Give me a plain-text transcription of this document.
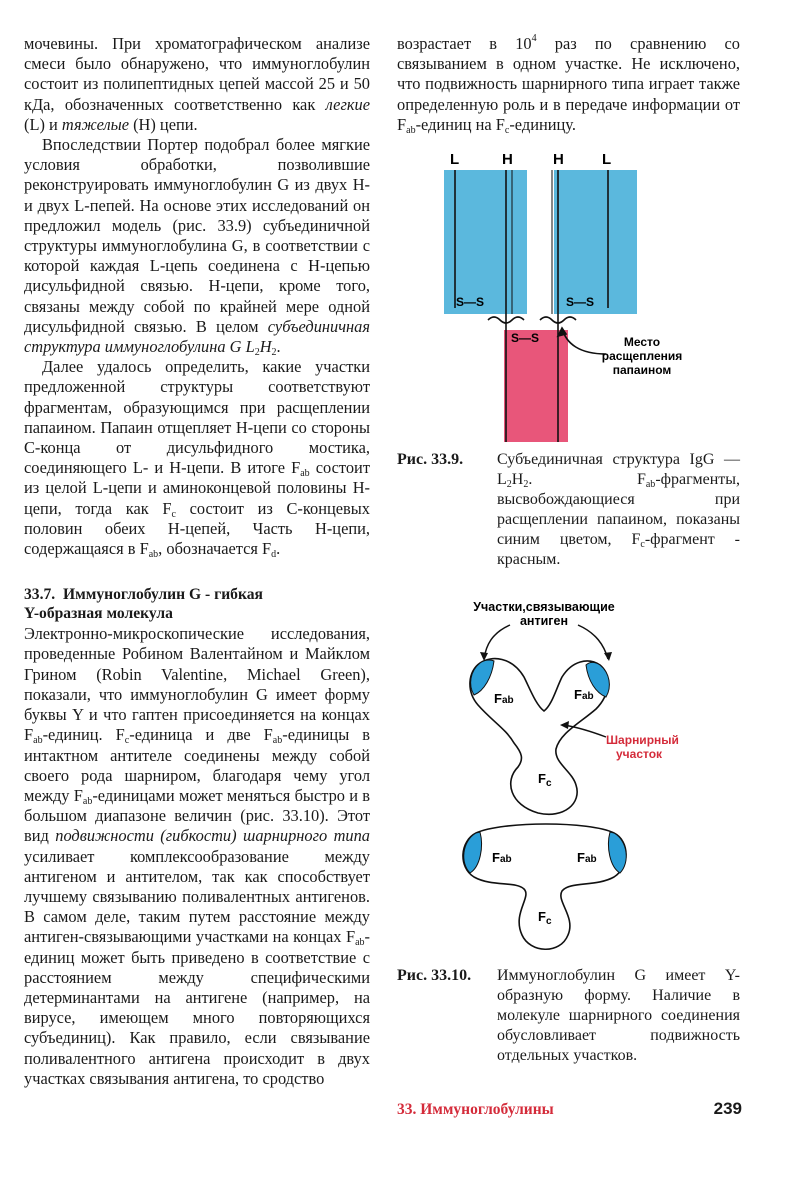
мочевины. При хроматографическом анализе смеси было обнаружено, что иммуноглобулин состоит из полипептидных цепей массой 25 и 50 кДа, обозначенных соответственно как легкие (L) и тяжелые (H) цепи.

Впоследствии Портер подобрал более мягкие условия обработки, позволившие реконструировать иммуноглобулин G из двух H- и двух L-пепей. На основе этих исследований он предложил модель (рис. 33.9) субъединичной структуры иммуноглобулина G, в соответствии с которой каждая L-цепь соединена с H-цепью дисульфидной связью. H-цепи, кроме того, связаны между собой по крайней мере одной дисульфидной связью. В целом субъединичная структура иммуноглобулина G $L_2H_2$.

Далее удалось определить, какие участки предложенной структуры соответствуют фрагментам, образующимся при расщеплении папаином. Папаин отщепляет H-цепи со стороны C-конца от дисульфидного мостика, соединяющего L- и H-цепи. В итоге $F_{ab}$ состоит из целой L-цепи и аминоконцевой половины H-цепи, тогда как $F_c$ состоит из C-концевых половин обеих H-цепей, Часть H-цепи, содержащаяся в $F_{ab}$, обозначается $F_d$.

33.7. Иммуноглобулин G - гибкая
Y-образная молекула

Электронно-микроскопические исследования, проведенные Робином Валентайном и Майклом Грином (Robin Valentine, Michael Green), показали, что иммуноглобулин G имеет форму буквы Y и что гаптен присоединяется на концах $F_{ab}$-единиц. $F_c$-единица и две $F_{ab}$-единицы в интактном антителе соединены между собой своего рода шарниром, благодаря чему угол между $F_{ab}$-единицами может меняться быстро и в большом диапазоне величин (рис. 33.10). Этот вид подвижности (гибкости) шарнирного типа усиливает комплексообразование между антигеном и антителом, так как способствует лучшему связыванию поливалентных антигенов. В самом деле, таким путем расстояние между антиген-связывающими участками на концах $F_{ab}$-единиц может быть приведено в соответствие с расстоянием между специфическими детерминантами на антигене (например, на вирусе, имеющем много повторяющихся субъединиц). Как правило, если связывание поливалентного антигена происходит в двух участках связывания антигена, то сродство

возрастает в $10^4$ раз по сравнению со связыванием в одном участке. Не исключено, что подвижность шарнирного типа играет также определенную роль и в передаче информации от $F_{ab}$-единиц на $F_c$-единицу.

L	H	H	L
S—S	S—S
S—S	Место
расщепления
папаином
Рис. 33.9. Субъединичная структура IgG — $L_2H_2$. $F_{ab}$-фрагменты, высвобождающиеся при расщеплении папаином, показаны синим цветом, $F_c$-фрагмент - красным.
Участки,связывающие
антиген
Fab	Fab
$F_c$
Шарнирный
участок
Fab	Fab
$F_c$
Рис. 33.10. Иммуноглобулин G имеет Y-образную форму. Наличие в молекуле шарнирного соединения обусловливает подвижность отдельных участков.
33. Иммуноглобулины	239
